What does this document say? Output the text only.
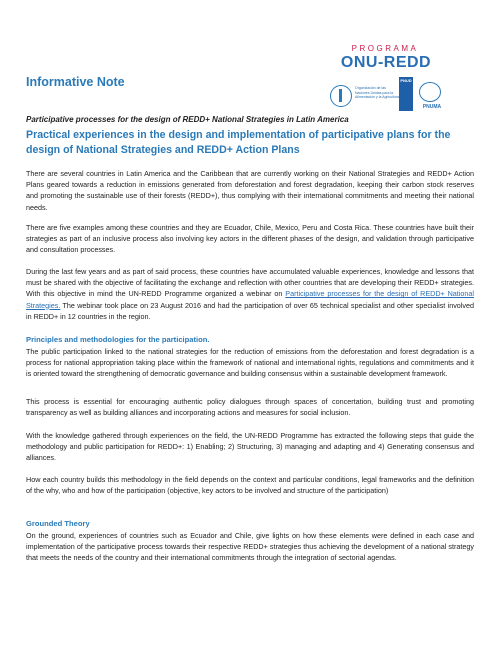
Informative Note
PROGRAMA
ONU-REDD
Organización de las Naciones Unidas para la Alimentación y la Agricultura
PNUD
PNUMA
Participative processes for the design of REDD+ National Strategies in Latin America
Practical experiences in the design and implementation of participative plans for the design of National Strategies and REDD+ Action Plans

There are several countries in Latin America and the Caribbean that are currently working on their National Strategies and REDD+ Action Plans geared towards a reduction in emissions generated from deforestation and forest degradation, keeping their carbon stock reserves and promoting the sustainable use of their forests (REDD+), thus complying with their international commitments and meeting their national needs.

There are five examples among these countries and they are Ecuador, Chile, Mexico, Peru and Costa Rica. These countries have built their strategies as part of an inclusive process also involving key actors in the different phases of the design, and validation through participative and consultation processes.

During the last few years and as part of said process, these countries have accumulated valuable experiences, knowledge and lessons that must be shared with the objective of facilitating the exchange and reflection with other countries that are developing their REDD+ strategies. With this objective in mind the UN-REDD Programme organized a webinar on Participative processes for the design of REDD+ National Strategies. The webinar took place on 23 August 2016 and had the participation of over 65 technical specialist and other specialist involved in REDD+ in 12 countries in the region.

Principles and methodologies for the participation.

The public participation linked to the national strategies for the reduction of emissions from the deforestation and forest degradation is a process for national appropriation taking place within the framework of national and international rights, regulations and commitments and it is oriented toward the strengthening of democratic governance and building consensus within a sustainable development framework.

This process is essential for encouraging authentic policy dialogues through spaces of concertation, building trust and promoting transparency as well as building alliances and incorporating actions and measures for social inclusion.

With the knowledge gathered through experiences on the field, the UN-REDD Programme has extracted the following steps that guide the methodology and public participation for REDD+: 1) Enabling; 2) Structuring, 3) managing and adapting and 4) Generating consensus and alliances.

How each country builds this methodology in the field depends on the context and particular conditions, legal frameworks and the definition of the why, who and how of the participation (objective, key actors to be involved and structure of the participation)

Grounded Theory

On the ground, experiences of countries such as Ecuador and Chile, give lights on how these elements were defined in each case and implementation of the participative process towards their respective REDD+ strategies thus achieving the development of a national strategy that meets the needs of the country and their international commitments through the integration of sectorial agendas.
